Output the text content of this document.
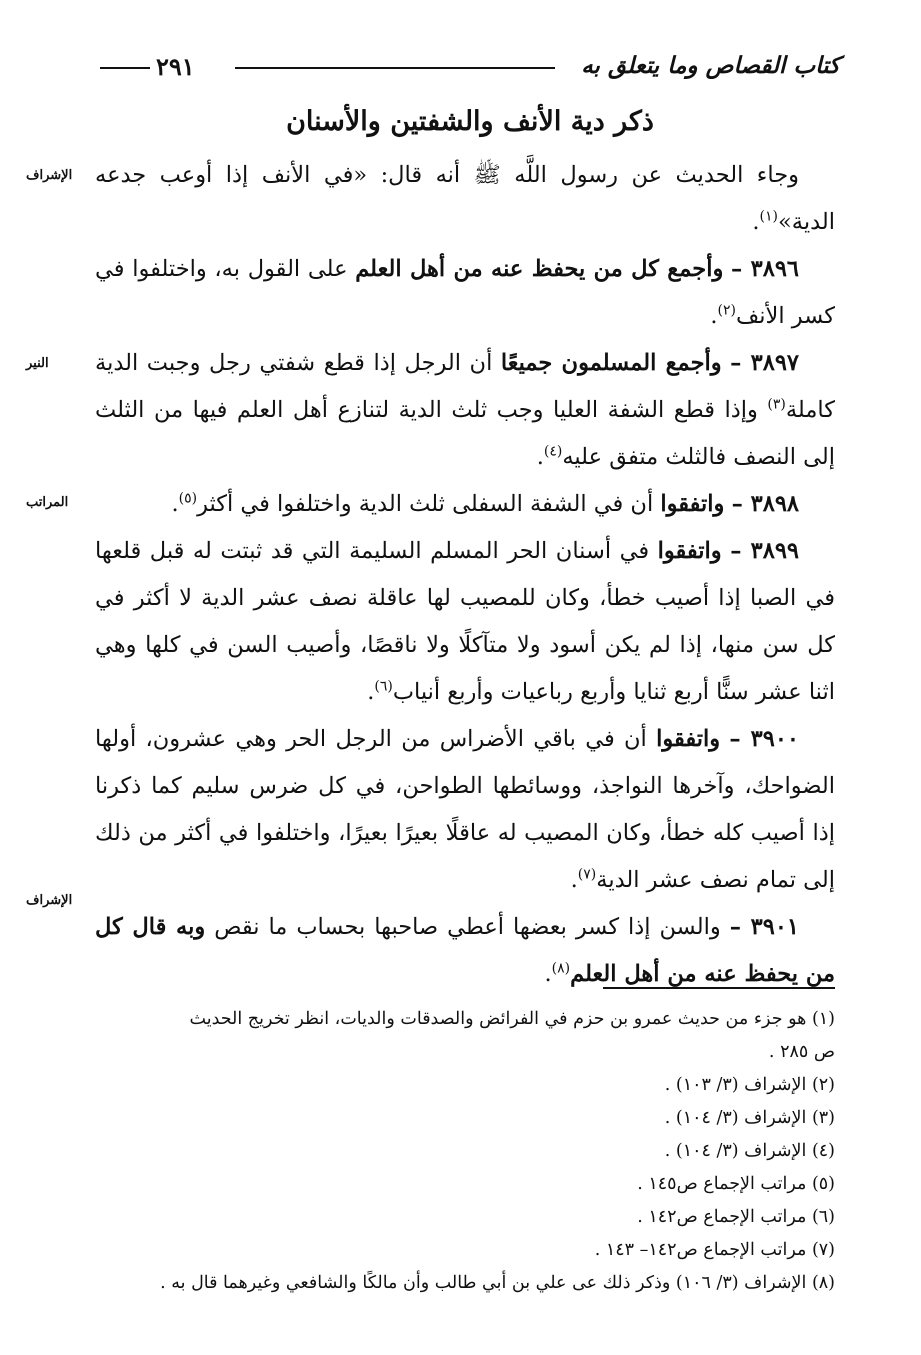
كتاب القصاص وما يتعلق به
٢٩١
ذكر دية الأنف والشفتين والأسنان
الإشراف
النير
المراتب
الإشراف

وجاء الحديث عن رسول اللَّه ﷺ أنه قال: «في الأنف إذا أوعب جدعه الدية»$^{(١)}$.

٣٨٩٦ – وأجمع كل من يحفظ عنه من أهل العلم على القول به، واختلفوا في كسر الأنف$^{(٢)}$.

٣٨٩٧ – وأجمع المسلمون جميعًا أن الرجل إذا قطع شفتي رجل وجبت الدية كاملة$^{(٣)}$ وإذا قطع الشفة العليا وجب ثلث الدية لتنازع أهل العلم فيها من الثلث إلى النصف فالثلث متفق عليه$^{(٤)}$.

٣٨٩٨ – واتفقوا أن في الشفة السفلى ثلث الدية واختلفوا في أكثر$^{(٥)}$.

٣٨٩٩ – واتفقوا في أسنان الحر المسلم السليمة التي قد ثبتت له قبل قلعها في الصبا إذا أصيب خطأ، وكان للمصيب لها عاقلة نصف عشر الدية لا أكثر في كل سن منها، إذا لم يكن أسود ولا متآكلًا ولا ناقصًا، وأصيب السن في كلها وهي اثنا عشر سنًّا أربع ثنايا وأربع رباعيات وأربع أنياب$^{(٦)}$.

٣٩٠٠ – واتفقوا أن في باقي الأضراس من الرجل الحر وهي عشرون، أولها الضواحك، وآخرها النواجذ، ووسائطها الطواحن، في كل ضرس سليم كما ذكرنا إذا أصيب كله خطأ، وكان المصيب له عاقلًا بعيرًا بعيرًا، واختلفوا في أكثر من ذلك إلى تمام نصف عشر الدية$^{(٧)}$.

٣٩٠١ – والسن إذا كسر بعضها أعطي صاحبها بحساب ما نقص وبه قال كل من يحفظ عنه من أهل العلم$^{(٨)}$.

(١) هو جزء من حديث عمرو بن حزم في الفرائض والصدقات والديات، انظر تخريج الحديث
ص ٢٨٥ .

(٢) الإشراف (٣/ ١٠٣) .

(٣) الإشراف (٣/ ١٠٤) .

(٤) الإشراف (٣/ ١٠٤) .

(٥) مراتب الإجماع ص١٤٥ .

(٦) مراتب الإجماع ص١٤٢ .

(٧) مراتب الإجماع ص١٤٢– ١٤٣ .

(٨) الإشراف (٣/ ١٠٦) وذكر ذلك عى علي بن أبي طالب وأن مالكًا والشافعي وغيرهما قال به .
